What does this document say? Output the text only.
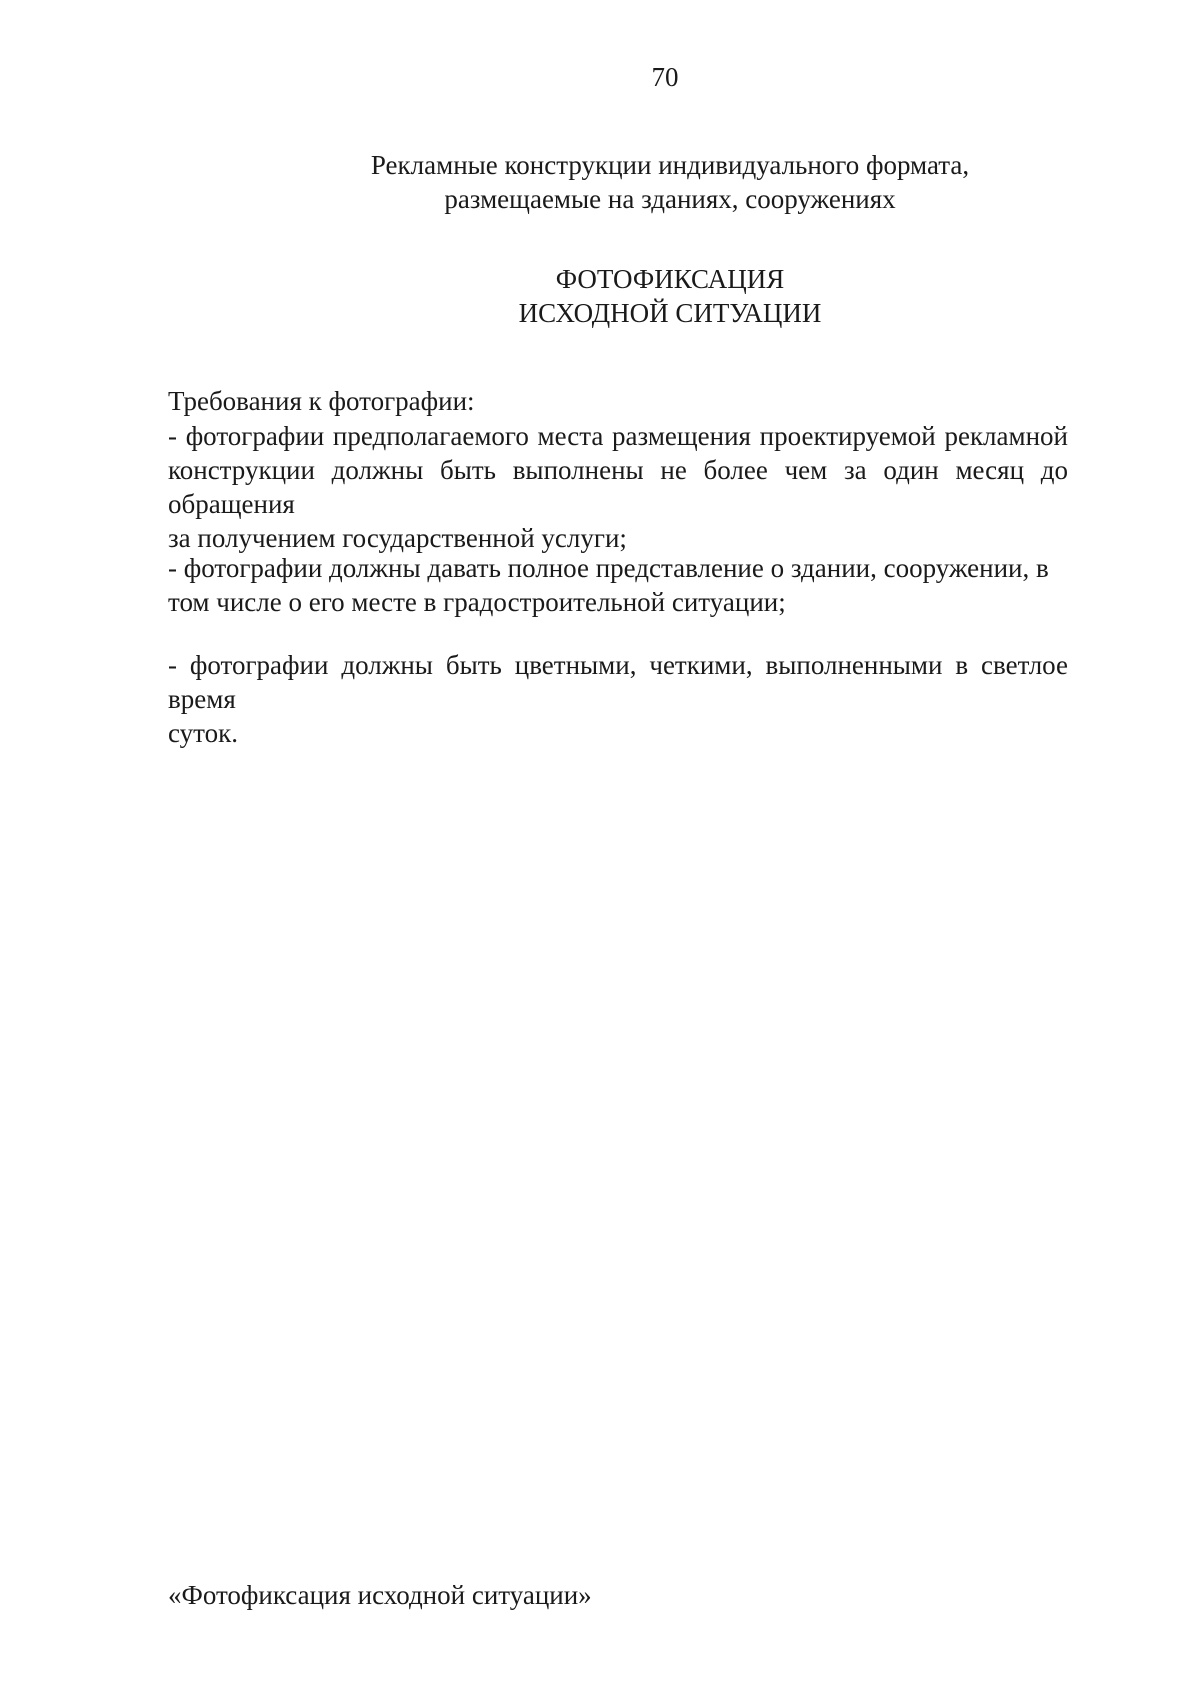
70
Рекламные конструкции индивидуального формата,
размещаемые на зданиях, сооружениях
ФОТОФИКСАЦИЯ
ИСХОДНОЙ СИТУАЦИИ
Требования к фотографии:
- фотографии предполагаемого места размещения проектируемой рекламной
конструкции должны быть выполнены не более чем за один месяц до обращения
за получением государственной услуги;
- фотографии должны давать полное представление о здании, сооружении, в
том числе о его месте в градостроительной ситуации;
- фотографии должны быть цветными, четкими, выполненными в светлое время
суток.
«Фотофиксация исходной ситуации»
